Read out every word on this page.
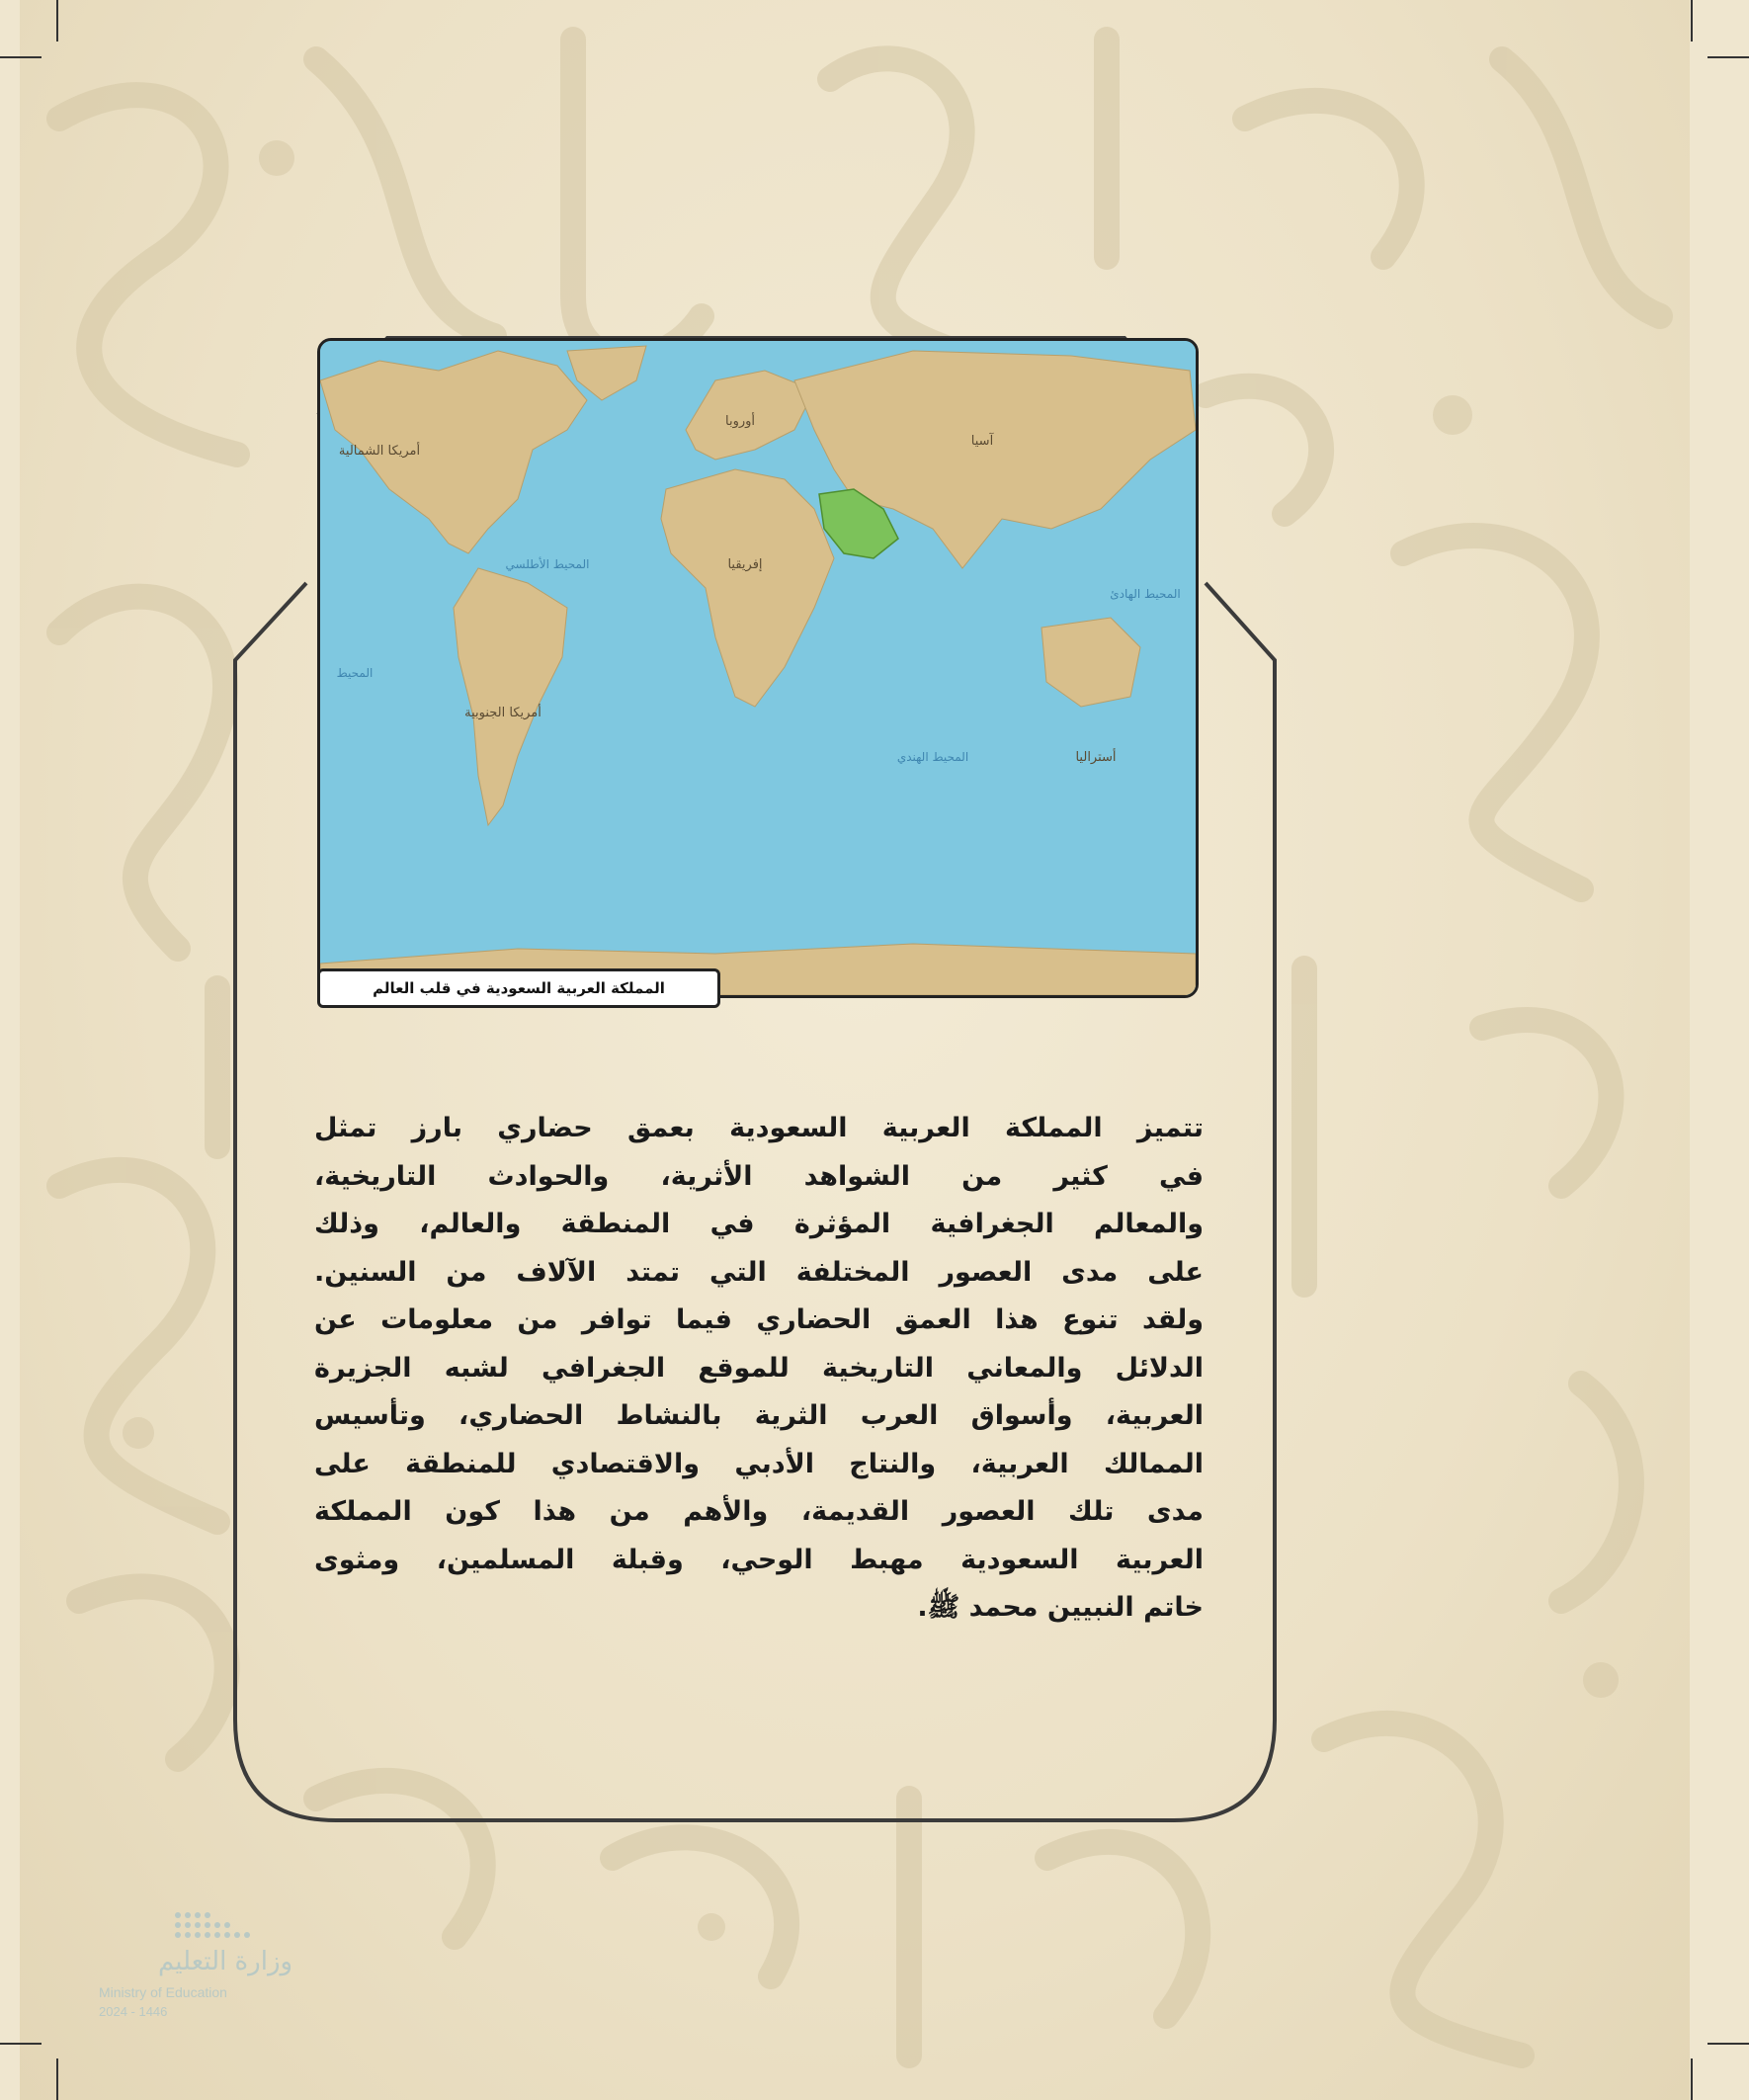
أمريكا الشمالية
أوروبا
آسيا
إفريقيا
أمريكا الجنوبية
أستراليا
المحيط الأطلسي
المحيط الهادئ
المحيط
المحيط الهندي
المملكة العربية السعودية في قلب العالم
تتميز المملكة العربية السعودية بعمق حضاري بارز تمثل
في كثير من الشواهد الأثرية، والحوادث التاريخية،
والمعالم الجغرافية المؤثرة في المنطقة والعالم، وذلك
على مدى العصور المختلفة التي تمتد الآلاف من السنين.
ولقد تنوع هذا العمق الحضاري فيما توافر من معلومات عن
الدلائل والمعاني التاريخية للموقع الجغرافي لشبه الجزيرة
العربية، وأسواق العرب الثرية بالنشاط الحضاري، وتأسيس
الممالك العربية، والنتاج الأدبي والاقتصادي للمنطقة على
مدى تلك العصور القديمة، والأهم من هذا كون المملكة
العربية السعودية مهبط الوحي، وقبلة المسلمين، ومثوى
خاتم النبيين محمد ﷺ.
وزارة التعليم
Ministry of Education
2024 - 1446
